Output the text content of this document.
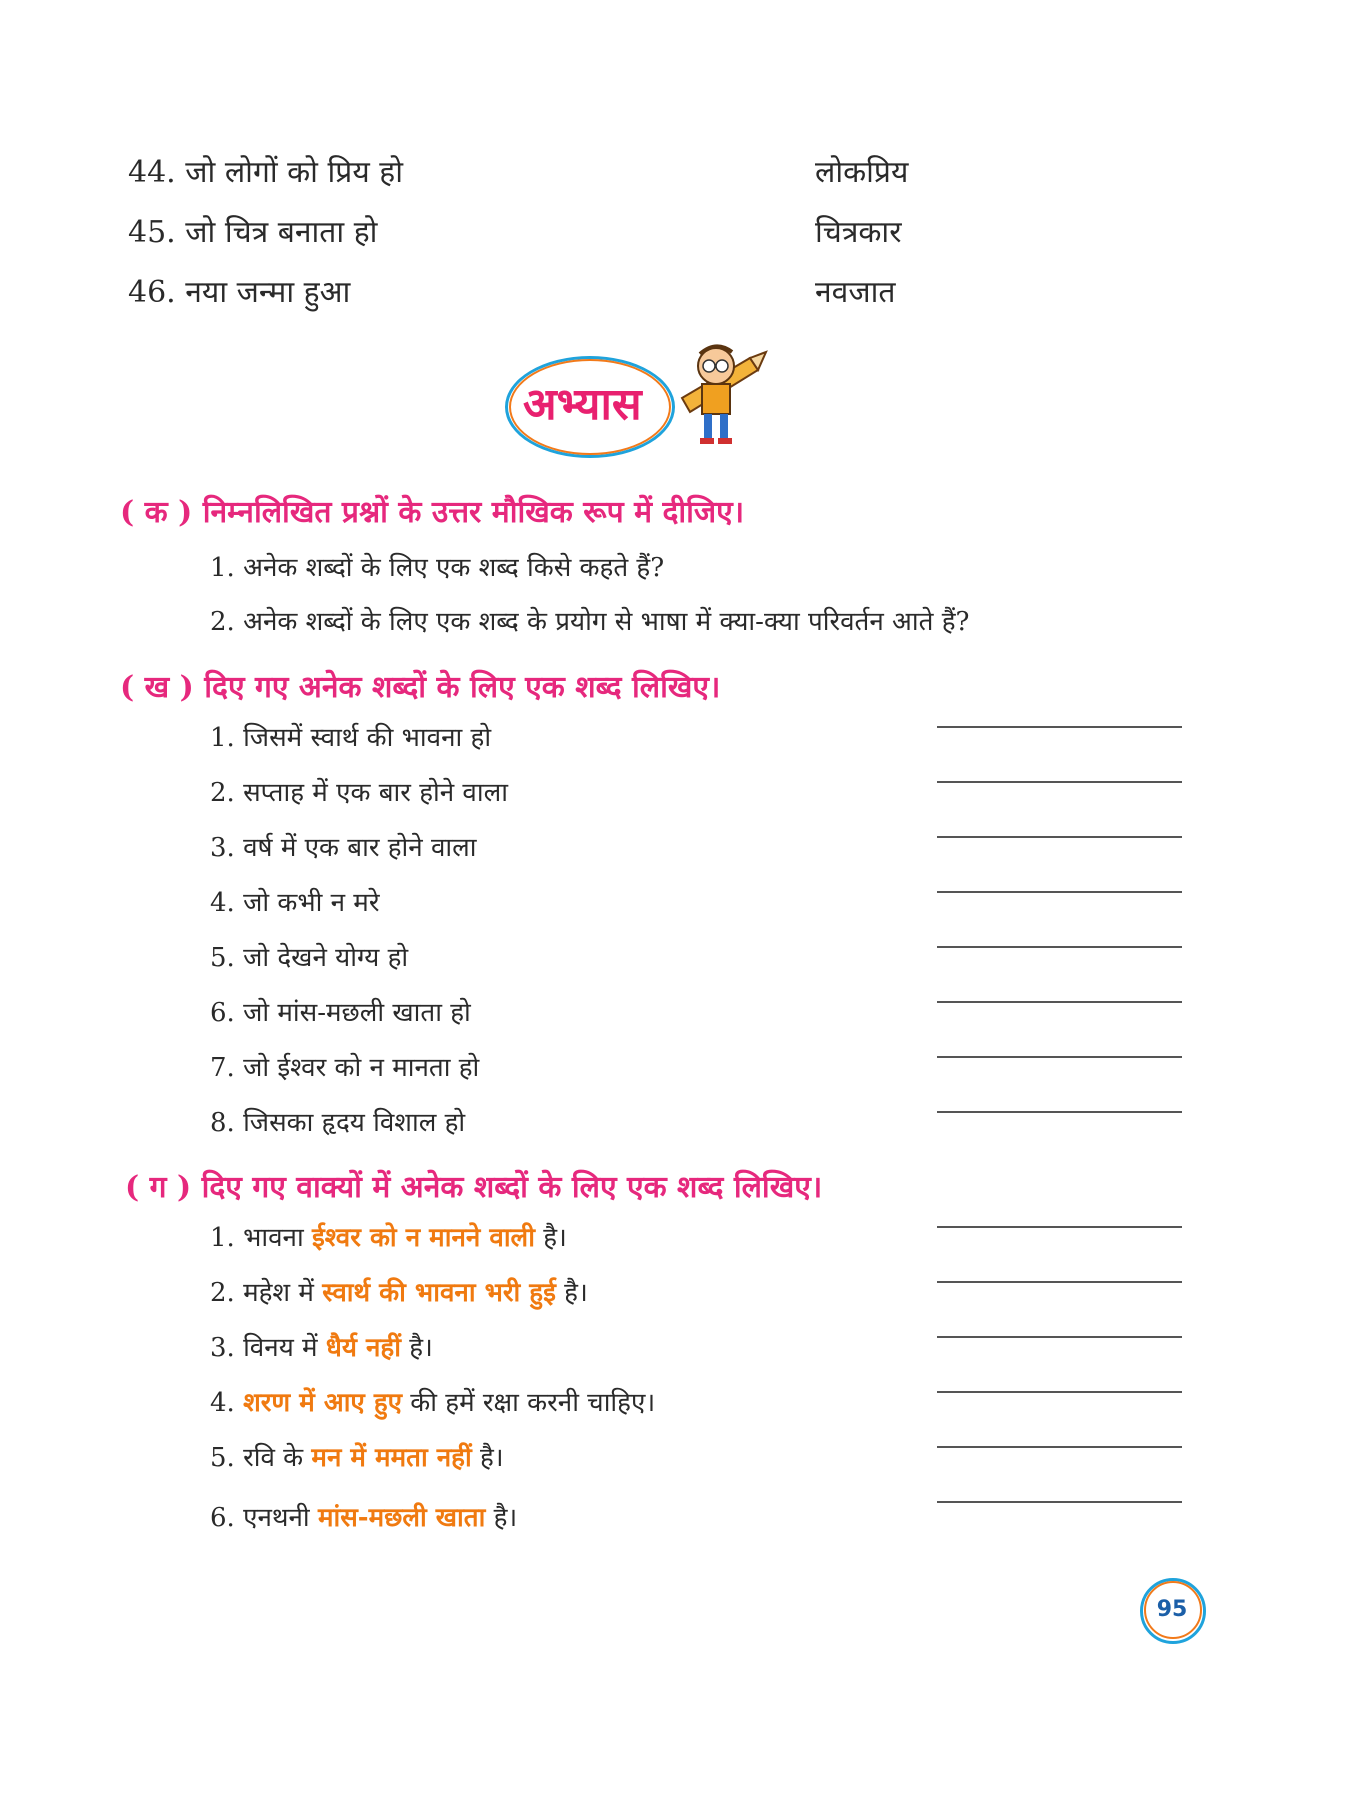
44. जो लोगों को प्रिय हो	लोकप्रिय
45. जो चित्र बनाता हो	चित्रकार
46. नया जन्मा हुआ	नवजात
अभ्यास
( क ) निम्नलिखित प्रश्नों के उत्तर मौखिक रूप में दीजिए।
1. अनेक शब्दों के लिए एक शब्द किसे कहते हैं?
2. अनेक शब्दों के लिए एक शब्द के प्रयोग से भाषा में क्या-क्या परिवर्तन आते हैं?
( ख ) दिए गए अनेक शब्दों के लिए एक शब्द लिखिए।
1. जिसमें स्वार्थ की भावना हो
2. सप्ताह में एक बार होने वाला
3. वर्ष में एक बार होने वाला
4. जो कभी न मरे
5. जो देखने योग्य हो
6. जो मांस-मछली खाता हो
7. जो ईश्वर को न मानता हो
8. जिसका हृदय विशाल हो
( ग ) दिए गए वाक्यों में अनेक शब्दों के लिए एक शब्द लिखिए।
1. भावना ईश्वर को न मानने वाली है।
2. महेश में स्वार्थ की भावना भरी हुई है।
3. विनय में धैर्य नहीं है।
4. शरण में आए हुए की हमें रक्षा करनी चाहिए।
5. रवि के मन में ममता नहीं है।
6. एनथनी मांस-मछली खाता है।
95
